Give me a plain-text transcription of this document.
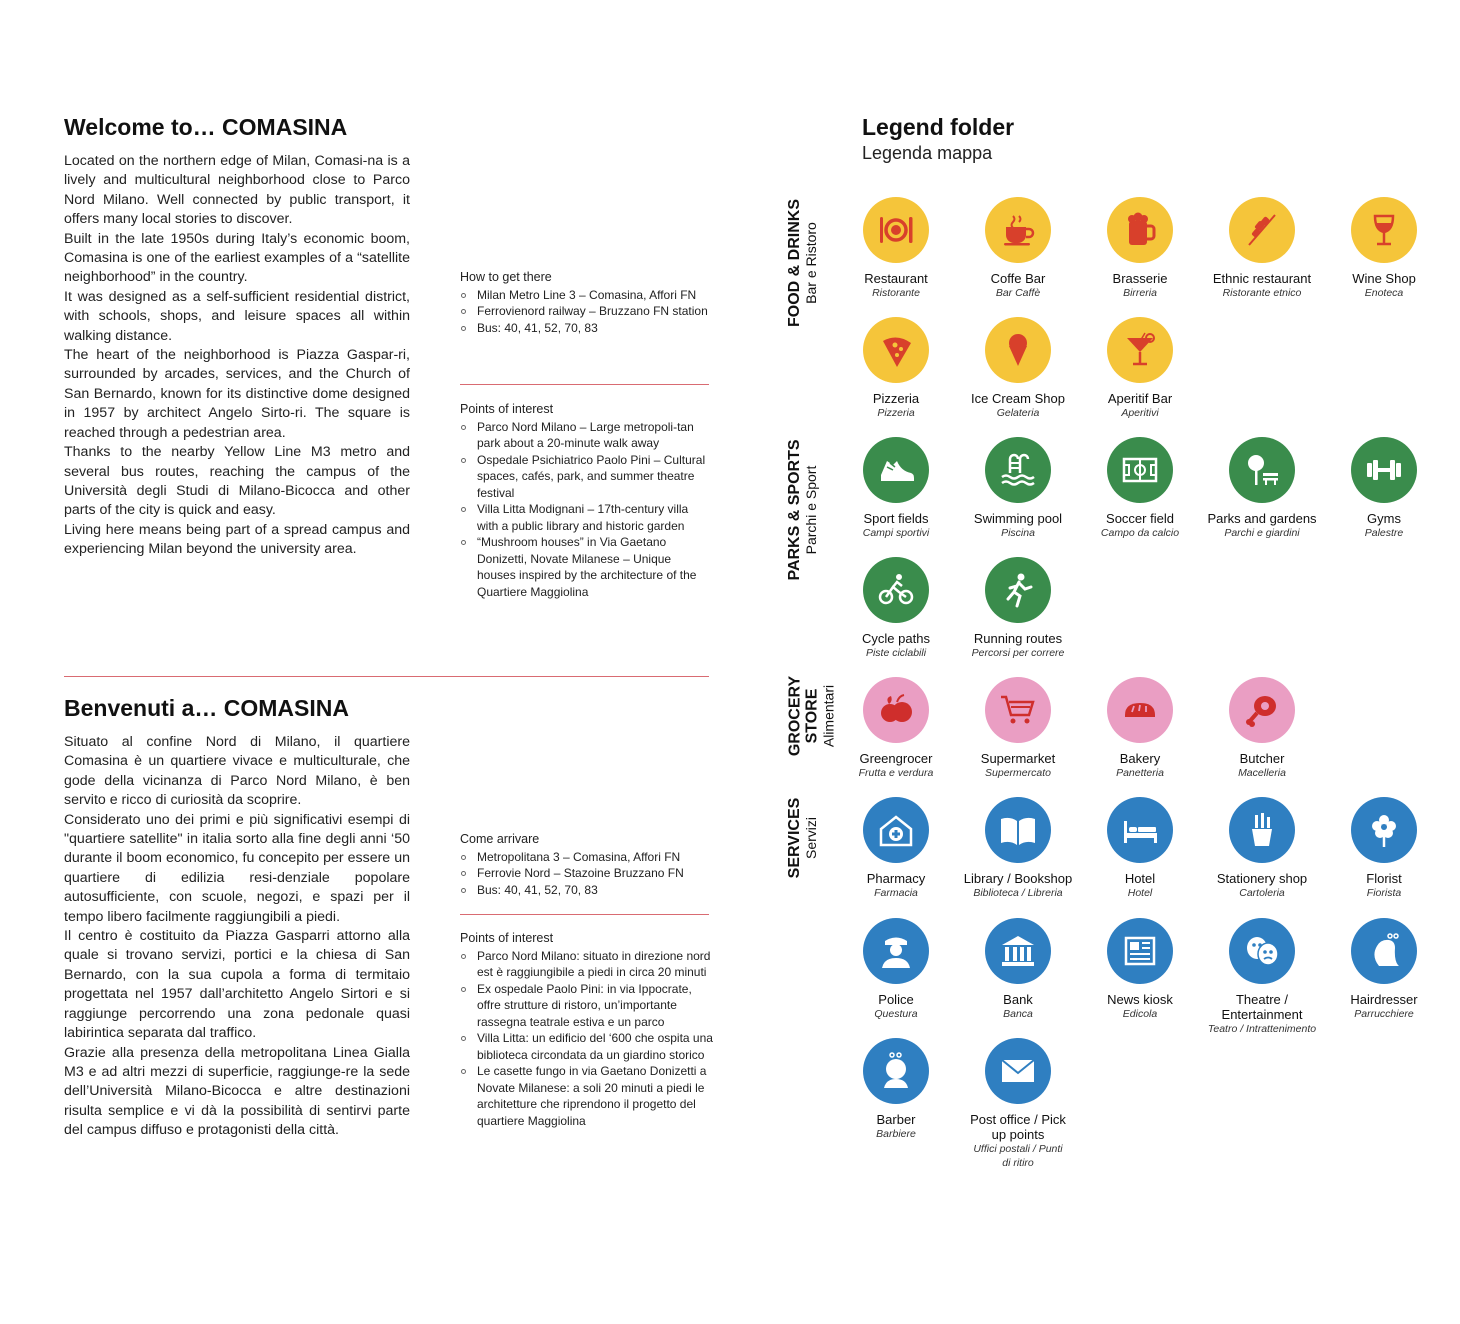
Welcome to… COMASINA

Located on the northern edge of Milan, Comasi-na is a lively and multicultural neighborhood close to Parco Nord Milano. Well connected by public transport, it offers many local stories to discover.

Built in the late 1950s during Italy’s economic boom, Comasina is one of the earliest examples of a “satellite neighborhood” in the country.

It was designed as a self-sufficient residential district, with schools, shops, and leisure spaces all within walking distance.

The heart of the neighborhood is Piazza Gaspar-ri, surrounded by arcades, services, and the Church of San Bernardo, known for its distinctive dome designed in 1957 by architect Angelo Sirto-ri. The square is reached through a pedestrian area.

Thanks to the nearby Yellow Line M3 metro and several bus routes, reaching the campus of the Università degli Studi di Milano-Bicocca and other parts of the city is quick and easy.

Living here means being part of a spread campus and experiencing Milan beyond the university area.

How to get there
Milan Metro Line 3 – Comasina, Affori FN
Ferrovienord railway – Bruzzano FN station
Bus: 40, 41, 52, 70, 83
Points of interest
Parco Nord Milano – Large metropoli-tan park about a 20-minute walk away
Ospedale Psichiatrico Paolo Pini – Cultural spaces, cafés, park, and summer theatre festival
Villa Litta Modignani – 17th-century villa with a public library and historic garden
“Mushroom houses” in Via Gaetano Donizetti, Novate Milanese – Unique houses inspired by the architecture of the Quartiere Maggiolina
Benvenuti a… COMASINA

Situato al confine Nord di Milano, il quartiere Comasina è un quartiere vivace e multiculturale, che gode della vicinanza di Parco Nord Milano, è ben servito e ricco di curiosità da scoprire.

Considerato uno dei primi e più significativi esempi di "quartiere satellite" in italia sorto alla fine degli anni ‘50 durante il boom economico, fu concepito per essere un quartiere di edilizia resi-denziale popolare autosufficiente, con scuole, negozi, e spazi per il tempo libero facilmente raggiungibili a piedi.

Il centro è costituito da Piazza Gasparri attorno alla quale si trovano servizi, portici e la chiesa di San Bernardo, con la sua cupola a forma di termitaio progettata nel 1957 dall’architetto Angelo Sirtori e si raggiunge percorrendo una zona pedonale quasi labirintica separata dal traffico.

Grazie alla presenza della metropolitana Linea Gialla M3 e ad altri mezzi di superficie, raggiunge-re la sede dell’Università Milano-Bicocca e altre destinazioni risulta semplice e vi dà la possibilità di sentirvi parte del campus diffuso e protagonisti della città.

Come arrivare
Metropolitana 3 – Comasina, Affori FN
Ferrovie Nord – Stazoine Bruzzano FN
Bus: 40, 41, 52, 70, 83
Points of interest
Parco Nord Milano: situato in direzione nord est è raggiungibile a piedi in circa 20 minuti
Ex ospedale Paolo Pini: in via Ippocrate, offre strutture di ristoro, un’importante rassegna teatrale estiva e un parco
Villa Litta: un edificio del ‘600 che ospita una biblioteca circondata da un giardino storico
Le casette fungo in via Gaetano Donizetti a Novate Milanese: a soli 20 minuti a piedi le architetture che riprendono il progetto del quartiere Maggiolina
Legend folder
Legenda mappa
FOOD & DRINKS Bar e Ristoro
PARKS & SPORTS Parchi e Sport
GROCERY STORE Alimentari
SERVICES Servizi
Restaurant
Ristorante
Coffe Bar
Bar Caffè
Brasserie
Birreria
Ethnic restaurant
Ristorante etnico
Wine Shop
Enoteca
Pizzeria
Pizzeria
Ice Cream Shop
Gelateria
Aperitif Bar
Aperitivi
Sport fields
Campi sportivi
Swimming pool
Piscina
Soccer field
Campo da calcio
Parks and gardens
Parchi e giardini
Gyms
Palestre
Cycle paths
Piste ciclabili
Running routes
Percorsi per correre
Greengrocer
Frutta e verdura
Supermarket
Supermercato
Bakery
Panetteria
Butcher
Macelleria
Pharmacy
Farmacia
Library / Bookshop
Biblioteca / Libreria
Hotel
Hotel
Stationery shop
Cartoleria
Florist
Fiorista
Police
Questura
Bank
Banca
News kiosk
Edicola
Theatre / Entertainment
Teatro / Intrattenimento
Hairdresser
Parrucchiere
Barber
Barbiere
Post office / Pick up points
Uffici postali / Punti di ritiro
